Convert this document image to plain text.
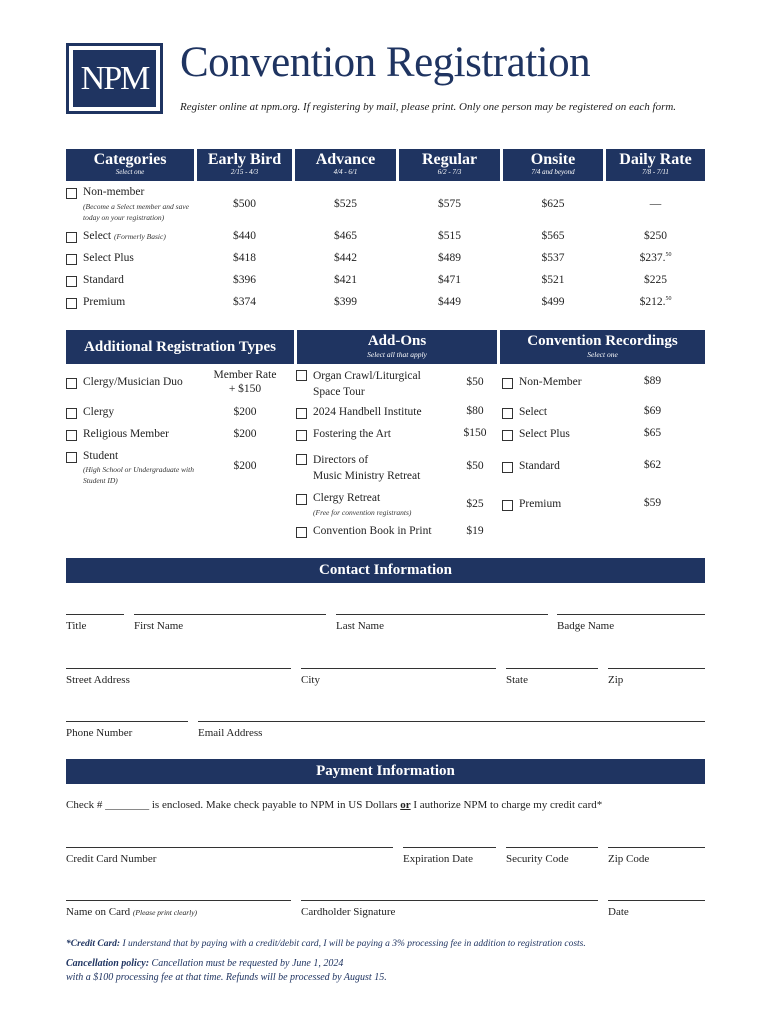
NPM Convention Registration
Register online at npm.org. If registering by mail, please print. Only one person may be registered on each form.
Categories
Select one
Early Bird
2/15 - 4/3
Advance
4/4 - 6/1
Regular
6/2 - 7/3
Onsite
7/4 and beyond
Daily Rate
7/8 - 7/11
Non-member
(Become a Select member and save today on your registration)
$500	$525	$575	$625	—
Select (Formerly Basic)	$440	$465	$515	$565	$250
Select Plus	$418	$442	$489	$537	$237.50
Standard	$396	$421	$471	$521	$225
Premium	$374	$399	$449	$499	$212.50
Additional Registration Types
Clergy/Musician Duo
Member Rate
+ $150
Clergy	$200
Religious Member	$200
Student
(High School or Undergraduate with Student ID)
$200
Add-Ons
Select all that apply
Organ Crawl/Liturgical
Space Tour
$50
2024 Handbell Institute	$80
Fostering the Art	$150
Directors of
Music Ministry Retreat
$50
Clergy Retreat
(Free for convention registrants)
$25
Convention Book in Print	$19
Convention Recordings
Select one
Non-Member	$89
Select	$69
Select Plus	$65
Standard	$62
Premium	$59
Contact Information
Title	First Name	Last Name	Badge Name
Street Address	City	State	Zip
Phone Number	Email Address
Payment Information
Check # ________ is enclosed. Make check payable to NPM in US Dollars or I authorize NPM to charge my credit card*
Credit Card Number	Expiration Date	Security Code	Zip Code
Name on Card (Please print clearly)	Cardholder Signature	Date
*Credit Card: I understand that by paying with a credit/debit card, I will be paying a 3% processing fee in addition to registration costs.
Cancellation policy: Cancellation must be requested by June 1, 2024
with a $100 processing fee at that time. Refunds will be processed by August 15.
